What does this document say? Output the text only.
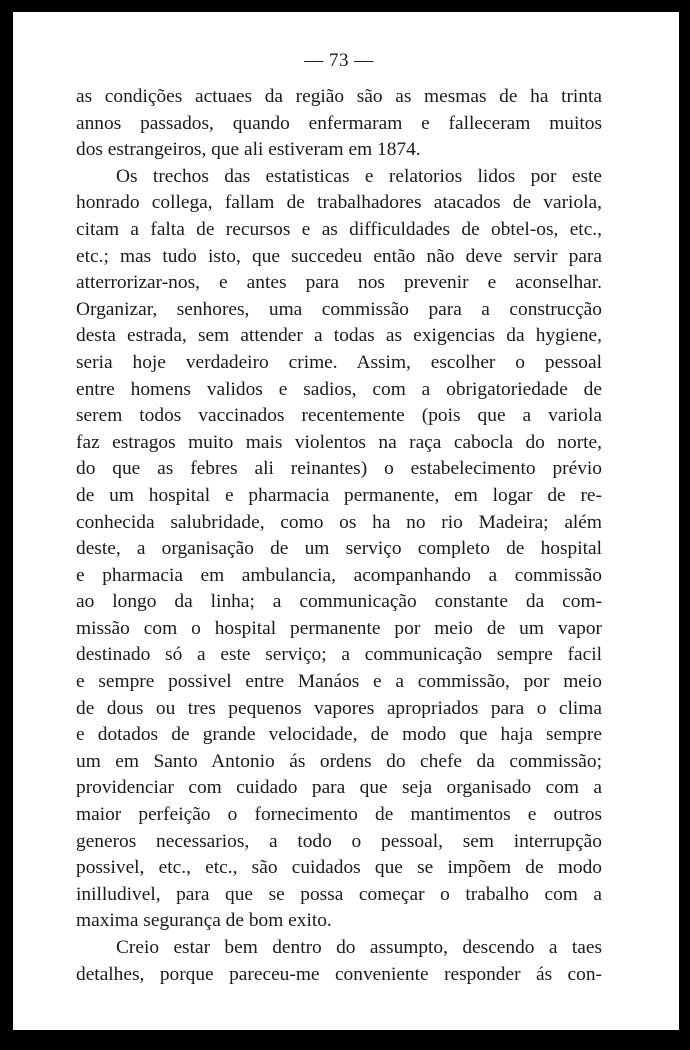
— 73 —
as condições actuaes da região são as mesmas de ha trinta
annos passados, quando enfermaram e falleceram muitos
dos estrangeiros, que ali estiveram em 1874.
Os trechos das estatisticas e relatorios lidos por este
honrado collega, fallam de trabalhadores atacados de variola,
citam a falta de recursos e as difficuldades de obtel-os, etc.,
etc.; mas tudo isto, que succedeu então não deve servir para
atterrorizar-nos, e antes para nos prevenir e aconselhar.
Organizar, senhores, uma commissão para a construcção
desta estrada, sem attender a todas as exigencias da hygiene,
seria hoje verdadeiro crime. Assim, escolher o pessoal
entre homens validos e sadios, com a obrigatoriedade de
serem todos vaccinados recentemente (pois que a variola
faz estragos muito mais violentos na raça cabocla do norte,
do que as febres ali reinantes) o estabelecimento prévio
de um hospital e pharmacia permanente, em logar de re-
conhecida salubridade, como os ha no rio Madeira; além
deste, a organisação de um serviço completo de hospital
e pharmacia em ambulancia, acompanhando a commissão
ao longo da linha; a communicação constante da com-
missão com o hospital permanente por meio de um vapor
destinado só a este serviço; a communicação sempre facil
e sempre possivel entre Manáos e a commissão, por meio
de dous ou tres pequenos vapores apropriados para o clima
e dotados de grande velocidade, de modo que haja sempre
um em Santo Antonio ás ordens do chefe da commissão;
providenciar com cuidado para que seja organisado com a
maior perfeição o fornecimento de mantimentos e outros
generos necessarios, a todo o pessoal, sem interrupção
possivel, etc., etc., são cuidados que se impõem de modo
inilludivel, para que se possa começar o trabalho com a
maxima segurança de bom exito.
Creio estar bem dentro do assumpto, descendo a taes
detalhes, porque pareceu-me conveniente responder ás con-
